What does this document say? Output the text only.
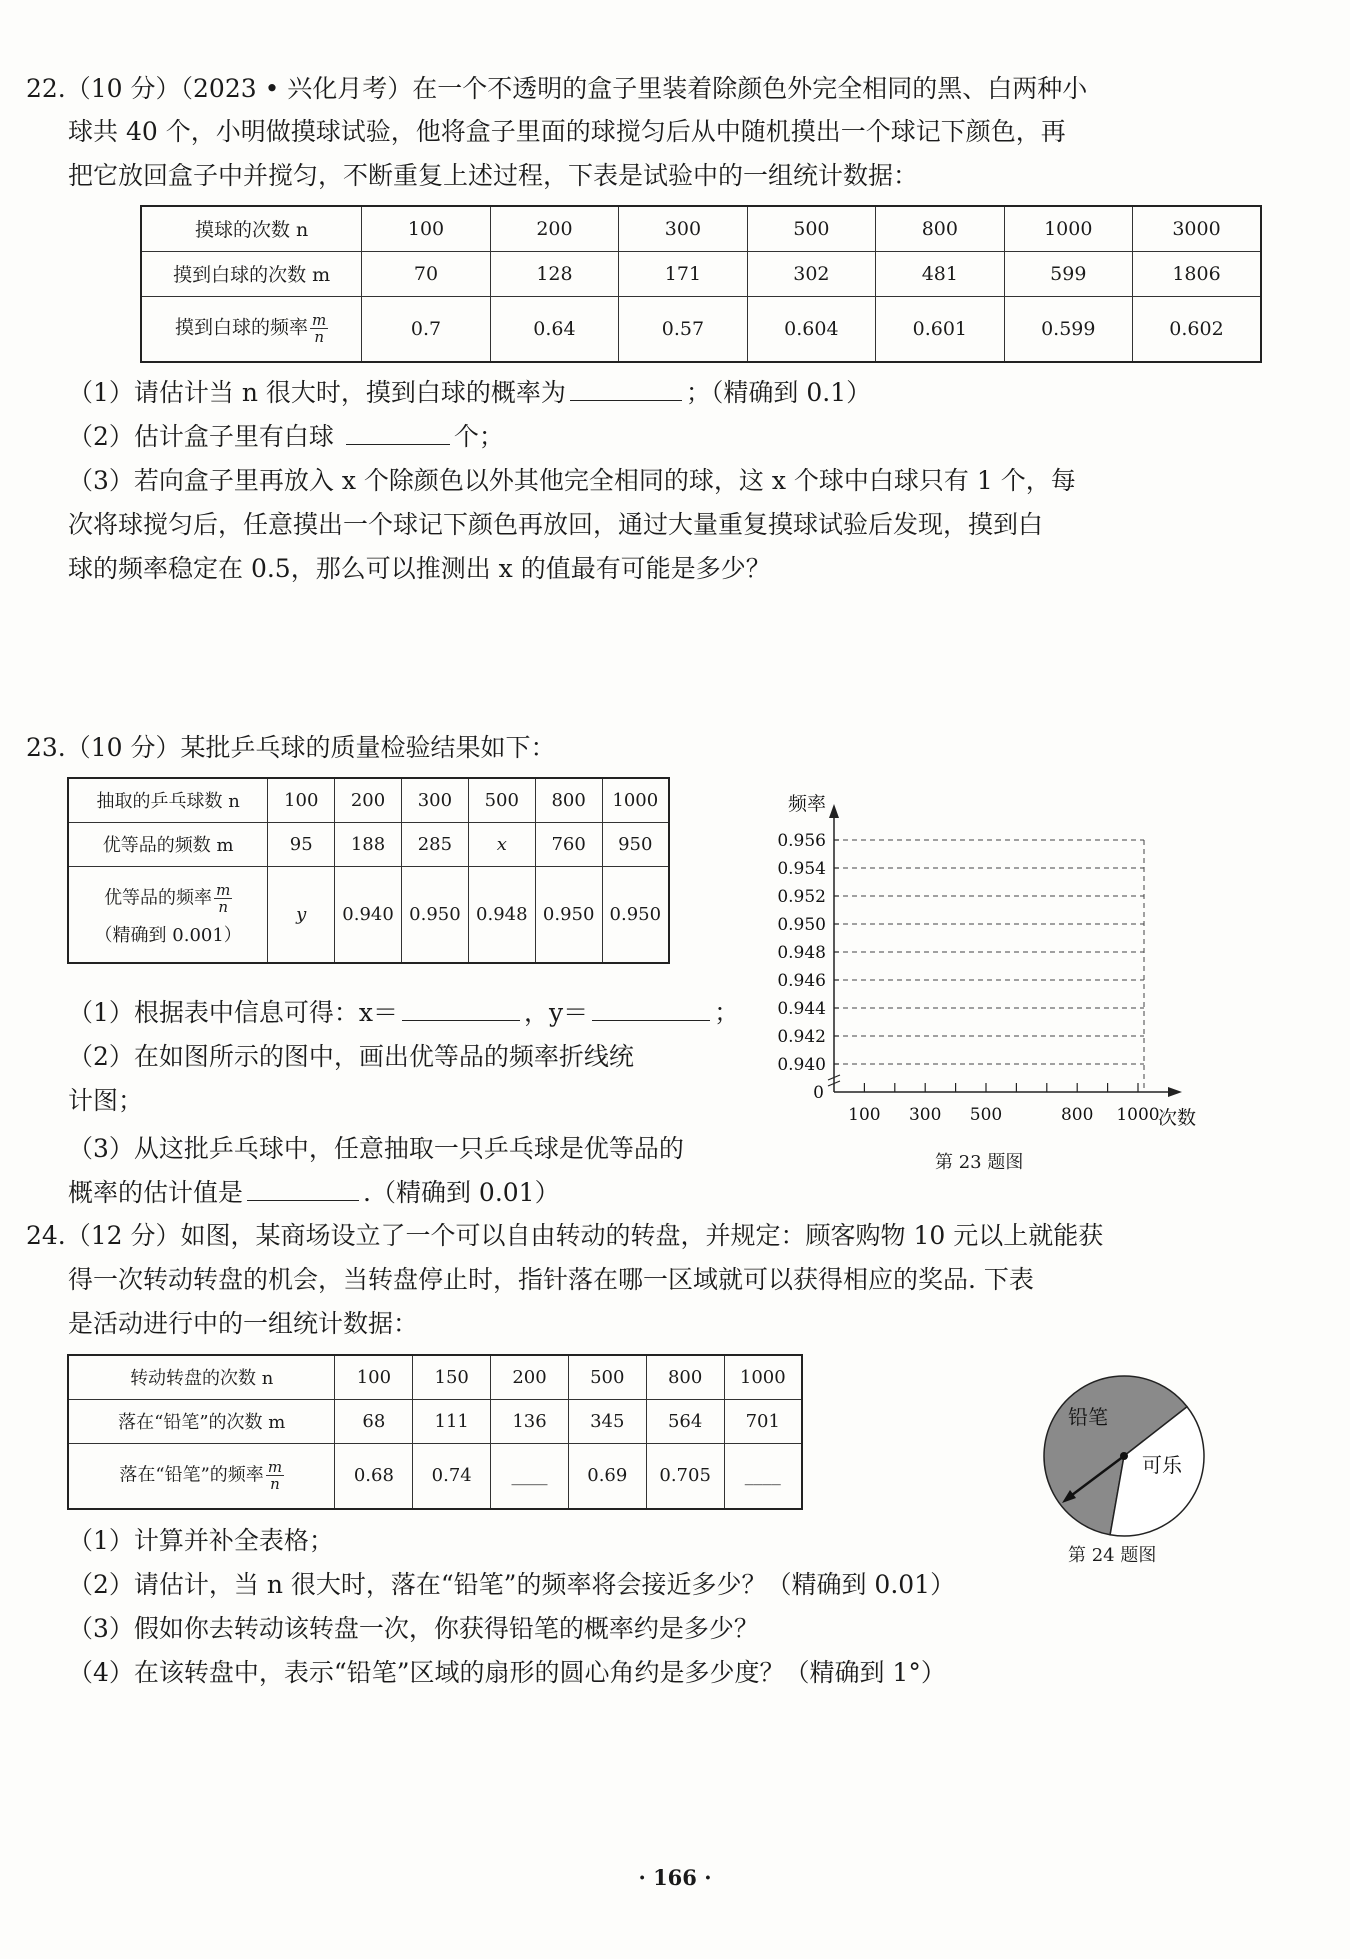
22.（10 分）（2023 • 兴化月考）在一个不透明的盒子里装着除颜色外完全相同的黑、白两种小
球共 40 个，小明做摸球试验，他将盒子里面的球搅匀后从中随机摸出一个球记下颜色，再
把它放回盒子中并搅匀，不断重复上述过程，下表是试验中的一组统计数据：
摸球的次数 n	100	200	300	500	800	1000	3000
摸到白球的次数 m	70	128	171	302	481	599	1806
摸到白球的频率 $\frac{m}{n}$	0.7	0.64	0.57	0.604	0.601	0.599	0.602
（1）请估计当 n 很大时，摸到白球的概率为	；（精确到 0.1）
（2）估计盒子里有白球	个；
（3）若向盒子里再放入 x 个除颜色以外其他完全相同的球，这 x 个球中白球只有 1 个，每
次将球搅匀后，任意摸出一个球记下颜色再放回，通过大量重复摸球试验后发现，摸到白
球的频率稳定在 0.5，那么可以推测出 x 的值最有可能是多少？
23.（10 分）某批乒乓球的质量检验结果如下：
抽取的乒乓球数 n	100	200	300	500	800	1000
优等品的频数 m	95	188	285	x	760	950

优等品的频率 $\frac{m}{n}$
（精确到 0.001）	y	0.940	0.950	0.948	0.950	0.950
（1）根据表中信息可得：x＝	，y＝	；
（2）在如图所示的图中，画出优等品的频率折线统
计图；
（3）从这批乒乓球中，任意抽取一只乒乓球是优等品的
概率的估计值是	.（精确到 0.01）
0.956
0.954
0.952
0.950
0.948
0.946
0.944
0.942
0.940
100 300 500	800 1000
0
频率
次数
第 23 题图
24.（12 分）如图，某商场设立了一个可以自由转动的转盘，并规定：顾客购物 10 元以上就能获
得一次转动转盘的机会，当转盘停止时，指针落在哪一区域就可以获得相应的奖品. 下表
是活动进行中的一组统计数据：
转动转盘的次数 n	100	150	200	500	800	1000
落在“铅笔”的次数 m	68	111	136	345	564	701
落在“铅笔”的频率 $\frac{m}{n}$	0.68	0.74	____	0.69	0.705	____
铅笔
可乐
第 24 题图
（1）计算并补全表格；
（2）请估计，当 n 很大时，落在“铅笔”的频率将会接近多少？（精确到 0.01）
（3）假如你去转动该转盘一次，你获得铅笔的概率约是多少？
（4）在该转盘中，表示“铅笔”区域的扇形的圆心角约是多少度？（精确到 1°）
· 166 ·
